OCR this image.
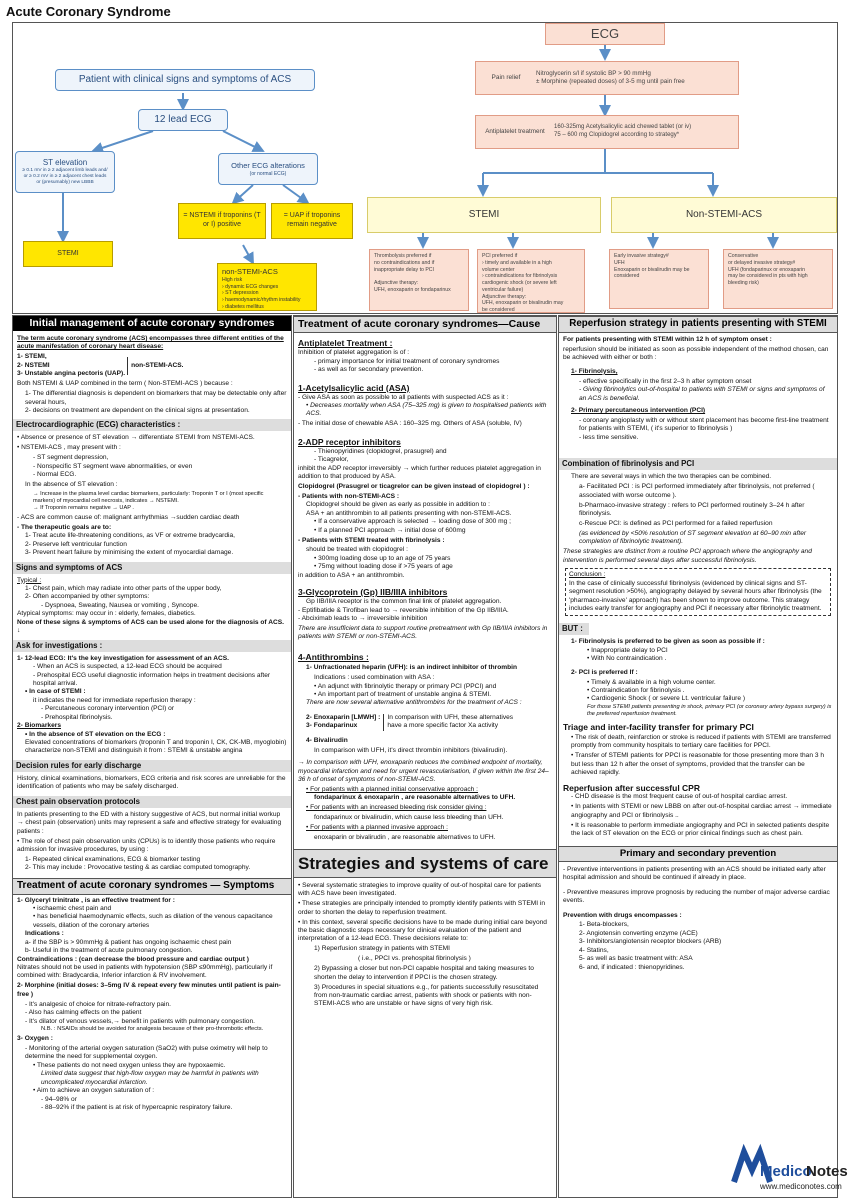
Acute Coronary Syndrome
Patient with clinical signs and symptoms of ACS
12 lead ECG
ST elevation
≥ 0.1 mV in ≥ 2 adjacent limb leads and/
or ≥ 0.2 mV in ≥ 2 adjacent chest leads
or (presumably) new LBBB
Other ECG alterations
(or normal ECG)
STEMI
= NSTEMI if troponins (T or I) positive
= UAP if troponins remain negative
non-STEMI-ACS
High risk
› dynamic ECG changes
› ST depression
› haemodynamic/rhythm instability
› diabetes mellitus
ECG
Pain relief
Nitroglycerin s/l if systolic BP > 90 mmHg
± Morphine (repeated doses) of 3-5 mg until pain free
Antiplatelet treatment
160-325mg Acetylsalicylic acid chewed tablet (or iv)
75 – 600 mg Clopidogrel according to strategy*
STEMI	Non-STEMI-ACS
Thrombolysis preferred if
no contraindications and if
inappropriate delay to PCI

Adjunctive therapy:
UFH, enoxaparin or fondaparinux
PCI preferred if
› timely and available in a high
volume center
› contraindications for fibrinolysis
cardiogenic shock (or severe left
ventricular failure)
Adjunctive therapy:
UFH, enoxaparin or bivalirudin may
be considered
Early invasive strategy#
UFH
Enoxaparin or bivalirudin may be
considered
Conservative
or delayed invasive strategy#
UFH (fondaparinux or enoxaparin
may be considered in pts with high
bleeding risk)
Initial management of acute coronary syndromes
The term acute coronary syndrome (ACS) encompasses three different entities of the acute manifestation of coronary heart disease:
1- STEMI,
2- NSTEMI
3- Unstable angina pectoris (UAP).
non-STEMI-ACS.
Both NSTEMI & UAP combined in the term ( Non-STEMI-ACS ) because :
1- The differential diagnosis is dependent on biomarkers that may be detectable only after several hours,
2- decisions on treatment are dependent on the clinical signs at presentation.
Electrocardiographic (ECG) characteristics :
• Absence or presence of ST elevation → differentiate STEMI from NSTEMI-ACS.
• NSTEMI-ACS , may present with :
- ST segment depression,
- Nonspecific ST segment wave abnormalities, or even
- Normal ECG.
In the absence of ST elevation :
→ Increase in the plasma level cardiac biomarkers, particularly: Troponin T or I (most specific markers) of myocardial cell necrosis, indicates → NSTEMI.
→ If Troponin remains negative → UAP .
- ACS are common cause of: malignant arrhythmias →sudden cardiac death
- The therapeutic goals are to:
1- Treat acute life-threatening conditions, as VF or extreme bradycardia,
2- Preserve left ventricular function
3- Prevent heart failure by minimising the extent of myocardial damage.
Signs and symptoms of ACS
Typical :
1- Chest pain, which may radiate into other parts of the upper body,
2- Often accompanied by other symptoms:
- Dyspnoea, Sweating, Nausea or vomiting , Syncope.
Atypical symptoms: may occur in : elderly, females, diabetics.
None of these signs & symptoms of ACS can be used alone for the diagnosis of ACS. ↓
Ask for investigations :
1- 12-lead ECG: It's the key investigation for assessment of an ACS.
- When an ACS is suspected, a 12-lead ECG should be acquired
- Prehospital ECG useful diagnostic information helps in treatment decisions after hospital arrival.
• In case of STEMI :
it indicates the need for immediate reperfusion therapy :
- Percutaneous coronary intervention (PCI) or
- Prehospital fibrinolysis.
2- Biomarkers
• In the absence of ST elevation on the ECG :
Elevated concentrations of biomarkers (troponin T and troponin I, CK, CK-MB, myoglobin) characterize non-STEMI and distinguish it from : STEMI & unstable angina
Decision rules for early discharge
History, clinical examinations, biomarkers, ECG criteria and risk scores are unreliable for the identification of patients who may be safely discharged.
Chest pain observation protocols
In patients presenting to the ED with a history suggestive of ACS, but normal initial workup → chest pain (observation) units may represent a safe and effective strategy for evaluating patients :
• The role of chest pain observation units (CPUs) is to identify those patients who require admission for invasive procedures, by using :
1- Repeated clinical examinations, ECG & biomarker testing
2- This may include : Provocative testing & as cardiac computed tomography.
Treatment of acute coronary syndromes — Symptoms
1- Glyceryl trinitrate , is an effective treatment for :
• ischaemic chest pain and
• has beneficial haemodynamic effects, such as dilation of the venous capacitance vessels, dilation of the coronary arteries
Indications :
a- if the SBP is > 90mmHg & patient has ongoing ischaemic chest pain
b- Useful in the treatment of acute pulmonary congestion.
Contraindications : (can decrease the blood pressure and cardiac output )
Nitrates should not be used in patients with hypotension (SBP ≤90mmHg), particularly if combined with: Bradycardia, Inferior infarction & RV involvement.
2- Morphine (initial doses: 3–5mg IV & repeat every few minutes until patient is pain-free )
- It's analgesic of choice for nitrate-refractory pain.
- Also has calming effects on the patient
- It's dilator of venous vessels,→ benefit in patients with pulmonary congestion.
N.B. : NSAIDs should be avoided for analgesia because of their pro-thrombotic effects.
3- Oxygen :
- Monitoring of the arterial oxygen saturation (SaO2) with pulse oximetry will help to determine the need for supplemental oxygen.
• These patients do not need oxygen unless they are hypoxaemic.
Limited data suggest that high-flow oxygen may be harmful in patients with uncomplicated myocardial infarction.
• Aim to achieve an oxygen saturation of :
- 94–98% or
- 88–92% if the patient is at risk of hypercapnic respiratory failure.
Treatment of acute coronary syndromes—Cause
Antiplatelet Treatment :
Inhibition of platelet aggregation is of :
- primary importance for initial treatment of coronary syndromes
- as well as for secondary prevention.
1-Acetylsalicylic acid (ASA)
- Give ASA as soon as possible to all patients with suspected ACS as it :
• Decreases mortality when ASA (75–325 mg) is given to hospitalised patients with ACS.
- The initial dose of chewable ASA : 160–325 mg. Others of ASA (soluble, IV)
2-ADP receptor inhibitors
- Thienopyridines (clopidogrel, prasugrel) and
- Ticagrelor,
inhibit the ADP receptor irreversibly → which further reduces platelet aggregation in addition to that produced by ASA.
Clopidogrel (Prasugrel or ticagrelor can be given instead of clopidogrel ) :
- Patients with non-STEMI-ACS :
Clopidogrel should be given as early as possible in addition to :
ASA + an antithrombin to all patients presenting with non-STEMI-ACS.
• If a conservative approach is selected → loading dose of 300 mg ;
• If a planned PCI approach → initial dose of 600mg
- Patients with STEMI treated with fibrinolysis :
should be treated with clopidogrel :
• 300mg loading dose up to an age of 75 years
• 75mg without loading dose if >75 years of age
in addition to ASA + an antithrombin.
3-Glycoprotein (Gp) IIB/IIIA inhibitors
Gp IIB/IIIA receptor is the common final link of platelet aggregation.
- Eptifibatide & Tirofiban lead to → reversible inhibition of the Gp IIB/IIIA.
- Abciximab leads to → irreversible inhibition
There are insufficient data to support routine pretreatment with Gp IIB/IIIA inhibitors in patients with STEMI or non-STEMI-ACS.
4-Antithrombins :
1- Unfractionated heparin (UFH): is an indirect inhibitor of thrombin
Indications : used combination with ASA :
• An adjunct with fibrinolytic therapy or primary PCI (PPCI) and
• An important part of treatment of unstable angina & STEMI.
There are now several alternative antithrombins for the treatment of ACS :
2- Enoxaparin [LMWH] :
3- Fondaparinux
In comparison with UFH, these alternatives have a more specific factor Xa activity
4- Bivalirudin
In comparison with UFH, it's direct thrombin inhibitors (bivalirudin).
→ In comparison with UFH, enoxaparin reduces the combined endpoint of mortality, myocardial infarction and need for urgent revascularisation, if given within the first 24–36 h of onset of symptoms of non-STEMI-ACS.
• For patients with a planned initial conservative approach :
fondaparinux & enoxaparin , are reasonable alternatives to UFH.
• For patients with an increased bleeding risk consider giving :
fondaparinux or bivalirudin, which cause less bleeding than UFH.
• For patients with a planned invasive approach :
enoxaparin or bivalirudin , are reasonable alternatives to UFH.
Strategies and systems of care
• Several systematic strategies to improve quality of out-of hospital care for patients with ACS have been investigated.
• These strategies are principally intended to promptly identify patients with STEMI in order to shorten the delay to reperfusion treatment.
• In this context, several specific decisions have to be made during initial care beyond the basic diagnostic steps necessary for clinical evaluation of the patient and interpretation of a 12-lead ECG. These decisions relate to:
1) Reperfusion strategy in patients with STEMI
( i.e., PPCI vs. prehospital fibrinolysis )
2) Bypassing a closer but non-PCI capable hospital and taking measures to shorten the delay to intervention if PPCI is the chosen strategy.
3) Procedures in special situations e.g., for patients successfully resuscitated from non-traumatic cardiac arrest, patients with shock or patients with non-STEMI-ACS who are unstable or have signs of very high risk.
Reperfusion strategy in patients presenting with STEMI
For patients presenting with STEMI within 12 h of symptom onset :
reperfusion should be initiated as soon as possible independent of the method chosen, can be achieved with either or both :
1- Fibrinolysis,
- effective specifically in the first 2–3 h after symptom onset
- Giving fibrinolytics out-of-hospital to patients with STEMI or signs and symptoms of an ACS is beneficial.
2- Primary percutaneous intervention (PCI)
- coronary angioplasty with or without stent placement has become first-line treatment for patients with STEMI, ( it's superior to fibrinolysis )
- less time sensitive.
Combination of fibrinolysis and PCI
There are several ways in which the two therapies can be combined.
a- Facilitated PCI : is PCI performed immediately after fibrinolysis, not preferred ( associated with worse outcome ).
b-Pharmaco-invasive strategy : refers to PCI performed routinely 3–24 h after fibrinolysis.
c-Rescue PCI: is defined as PCI performed for a failed reperfusion
(as evidenced by <50% resolution of ST segment elevation at 60–90 min after completion of fibrinolytic treatment).
These strategies are distinct from a routine PCI approach where the angiography and intervention is performed several days after successful fibrinolysis.
Conclusion :
In the case of clinically successful fibrinolysis (evidenced by clinical signs and ST-segment resolution >50%), angiography delayed by several hours after fibrinolysis (the 'pharmaco-invasive' approach) has been shown to improve outcome. This strategy includes early transfer for angiography and PCI if necessary after fibrinolytic treatment.
BUT :
1- Fibrinolysis is preferred to be given as soon as possible if :
• Inappropriate delay to PCI
• With No contraindication .
2- PCI is preferred If :
• Timely & available in a high volume center.
• Contraindication for fibrinolysis .
• Cardiogenic Shock ( or severe Lt. ventricular failure )
For those STEMI patients presenting in shock, primary PCI (or coronary artery bypass surgery) is the preferred reperfusion treatment.
Triage and inter-facility transfer for primary PCI
• The risk of death, reinfarction or stroke is reduced if patients with STEMI are transferred promptly from community hospitals to tertiary care facilities for PPCI.
• Transfer of STEMI patients for PPCI is reasonable for those presenting more than 3 h but less than 12 h after the onset of symptoms, provided that the transfer can be achieved rapidly.
Reperfusion after successful CPR
- CHD disease is the most frequent cause of out-of hospital cardiac arrest.
• In patients with STEMI or new LBBB on after out-of-hospital cardiac arrest → immediate angiography and PCI or fibrinolysis ..
• It is reasonable to perform immediate angiography and PCI in selected patients despite the lack of ST elevation on the ECG or prior clinical findings such as chest pain.
Primary and secondary prevention
- Preventive interventions in patients presenting with an ACS should be initiated early after hospital admission and should be continued if already in place.
- Preventive measures improve prognosis by reducing the number of major adverse cardiac events.
Prevention with drugs encompasses :
1- Beta-blockers,
2- Angiotensin converting enzyme (ACE)
3- Inhibitors/angiotensin receptor blockers (ARB)
4- Statins,
5- as well as basic treatment with: ASA
6- and, if indicated : thienopyridines.
Medico
Notes
www.mediconotes.com
